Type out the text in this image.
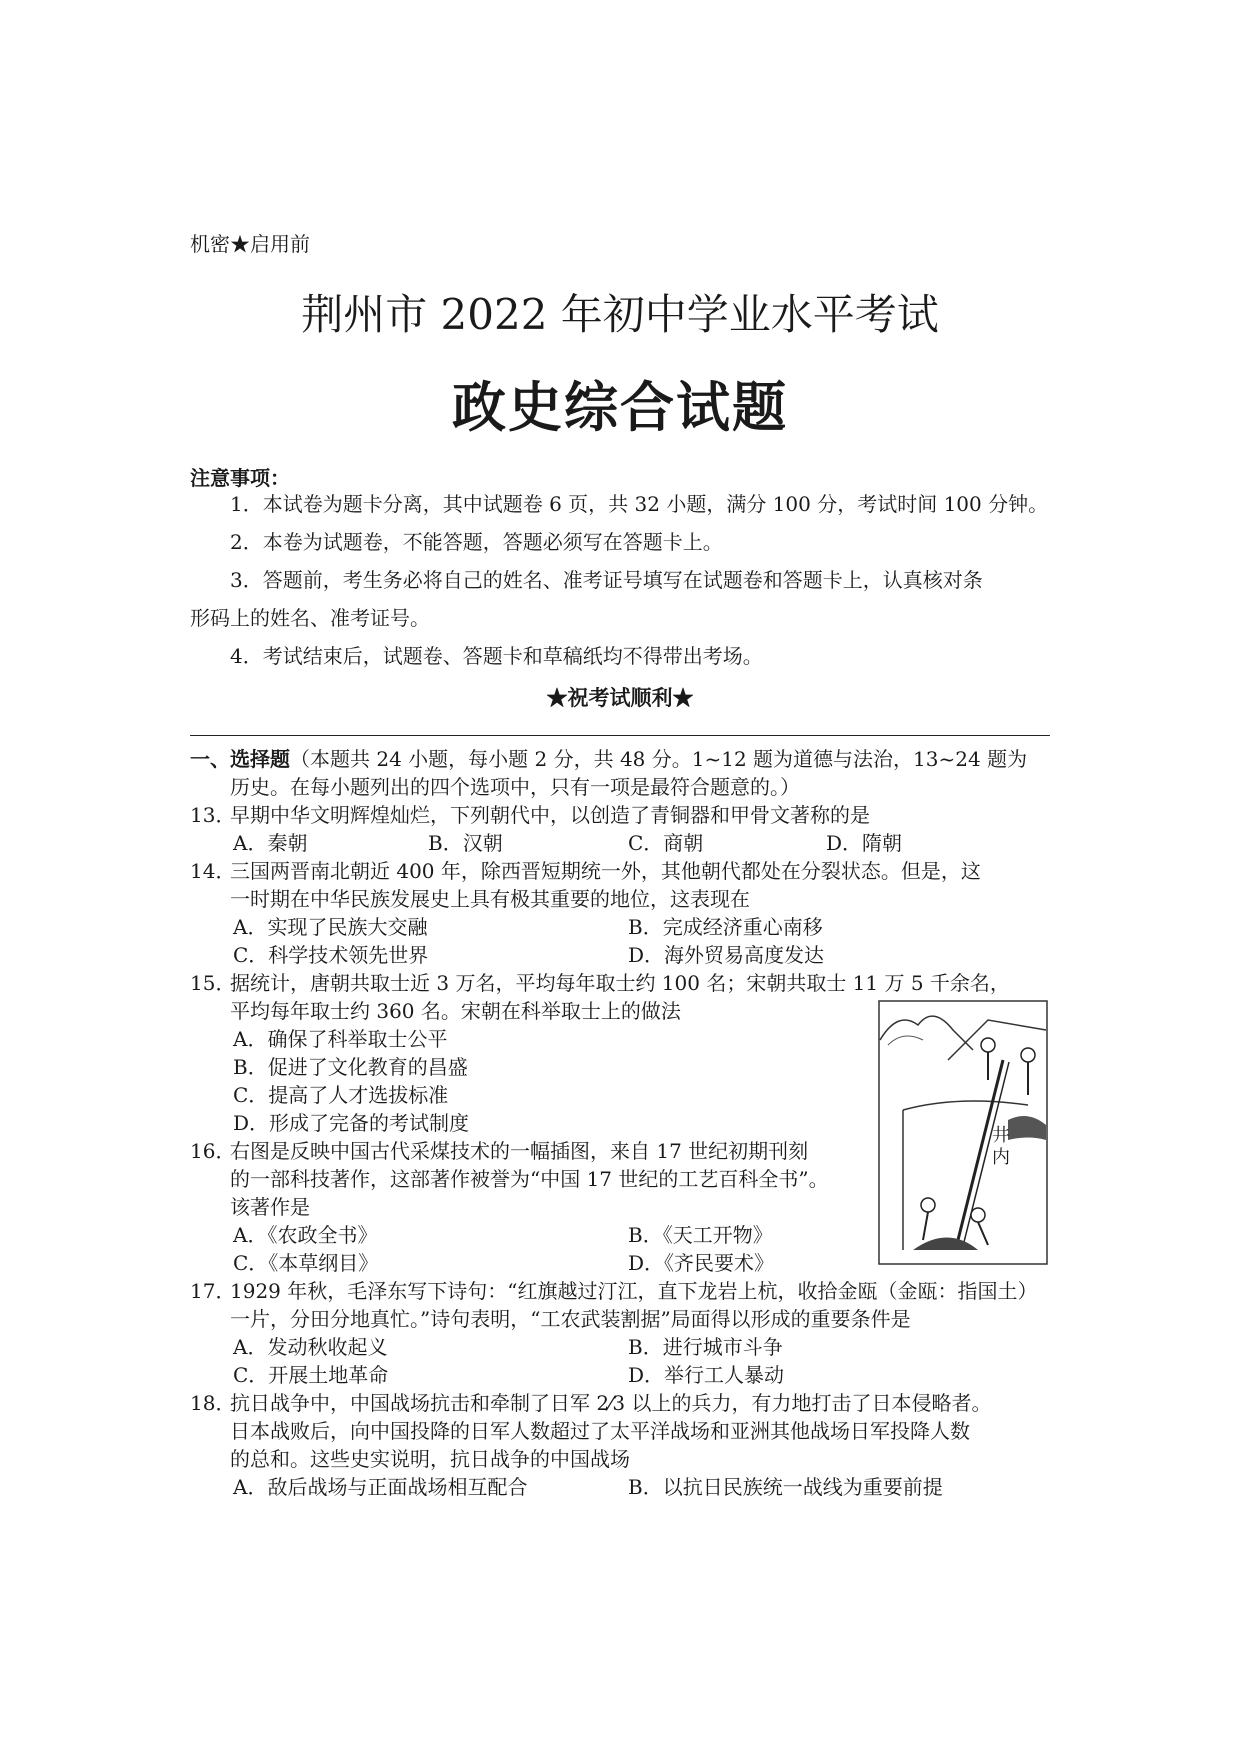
机密★启用前
荆州市 2022 年初中学业水平考试
政史综合试题
注意事项：
1．本试卷为题卡分离，其中试题卷 6 页，共 32 小题，满分 100 分，考试时间 100 分钟。
2．本卷为试题卷，不能答题，答题必须写在答题卡上。
3．答题前，考生务必将自己的姓名、准考证号填写在试题卷和答题卡上，认真核对条
形码上的姓名、准考证号。
4．考试结束后，试题卷、答题卡和草稿纸均不得带出考场。
★祝考试顺利★
一、选择题（本题共 24 小题，每小题 2 分，共 48 分。1~12 题为道德与法治，13~24 题为
历史。在每小题列出的四个选项中，只有一项是最符合题意的。）
13．
早期中华文明辉煌灿烂，下列朝代中，以创造了青铜器和甲骨文著称的是
A．秦朝	B．汉朝	C．商朝	D．隋朝
14．
三国两晋南北朝近 400 年，除西晋短期统一外，其他朝代都处在分裂状态。但是，这
一时期在中华民族发展史上具有极其重要的地位，这表现在
A．实现了民族大交融	B．完成经济重心南移
C．科学技术领先世界	D．海外贸易高度发达
15．
据统计，唐朝共取士近 3 万名，平均每年取士约 100 名；宋朝共取士 11 万 5 千余名，
平均每年取士约 360 名。宋朝在科举取士上的做法
A．确保了科举取士公平
B．促进了文化教育的昌盛
C．提高了人才选拔标准
D．形成了完备的考试制度
16．
右图是反映中国古代采煤技术的一幅插图，来自 17 世纪初期刊刻
的一部科技著作，这部著作被誉为“中国 17 世纪的工艺百科全书”。
该著作是
A．《农政全书》	B．《天工开物》
C．《本草纲目》	D．《齐民要术》
井内
17．
1929 年秋，毛泽东写下诗句：“红旗越过汀江，直下龙岩上杭，收拾金瓯（金瓯：指国土）
一片，分田分地真忙。”诗句表明，“工农武装割据”局面得以形成的重要条件是
A．发动秋收起义	B．进行城市斗争
C．开展土地革命	D．举行工人暴动
18．
抗日战争中，中国战场抗击和牵制了日军 2⁄3 以上的兵力，有力地打击了日本侵略者。
日本战败后，向中国投降的日军人数超过了太平洋战场和亚洲其他战场日军投降人数
的总和。这些史实说明，抗日战争的中国战场
A．敌后战场与正面战场相互配合	B．以抗日民族统一战线为重要前提
